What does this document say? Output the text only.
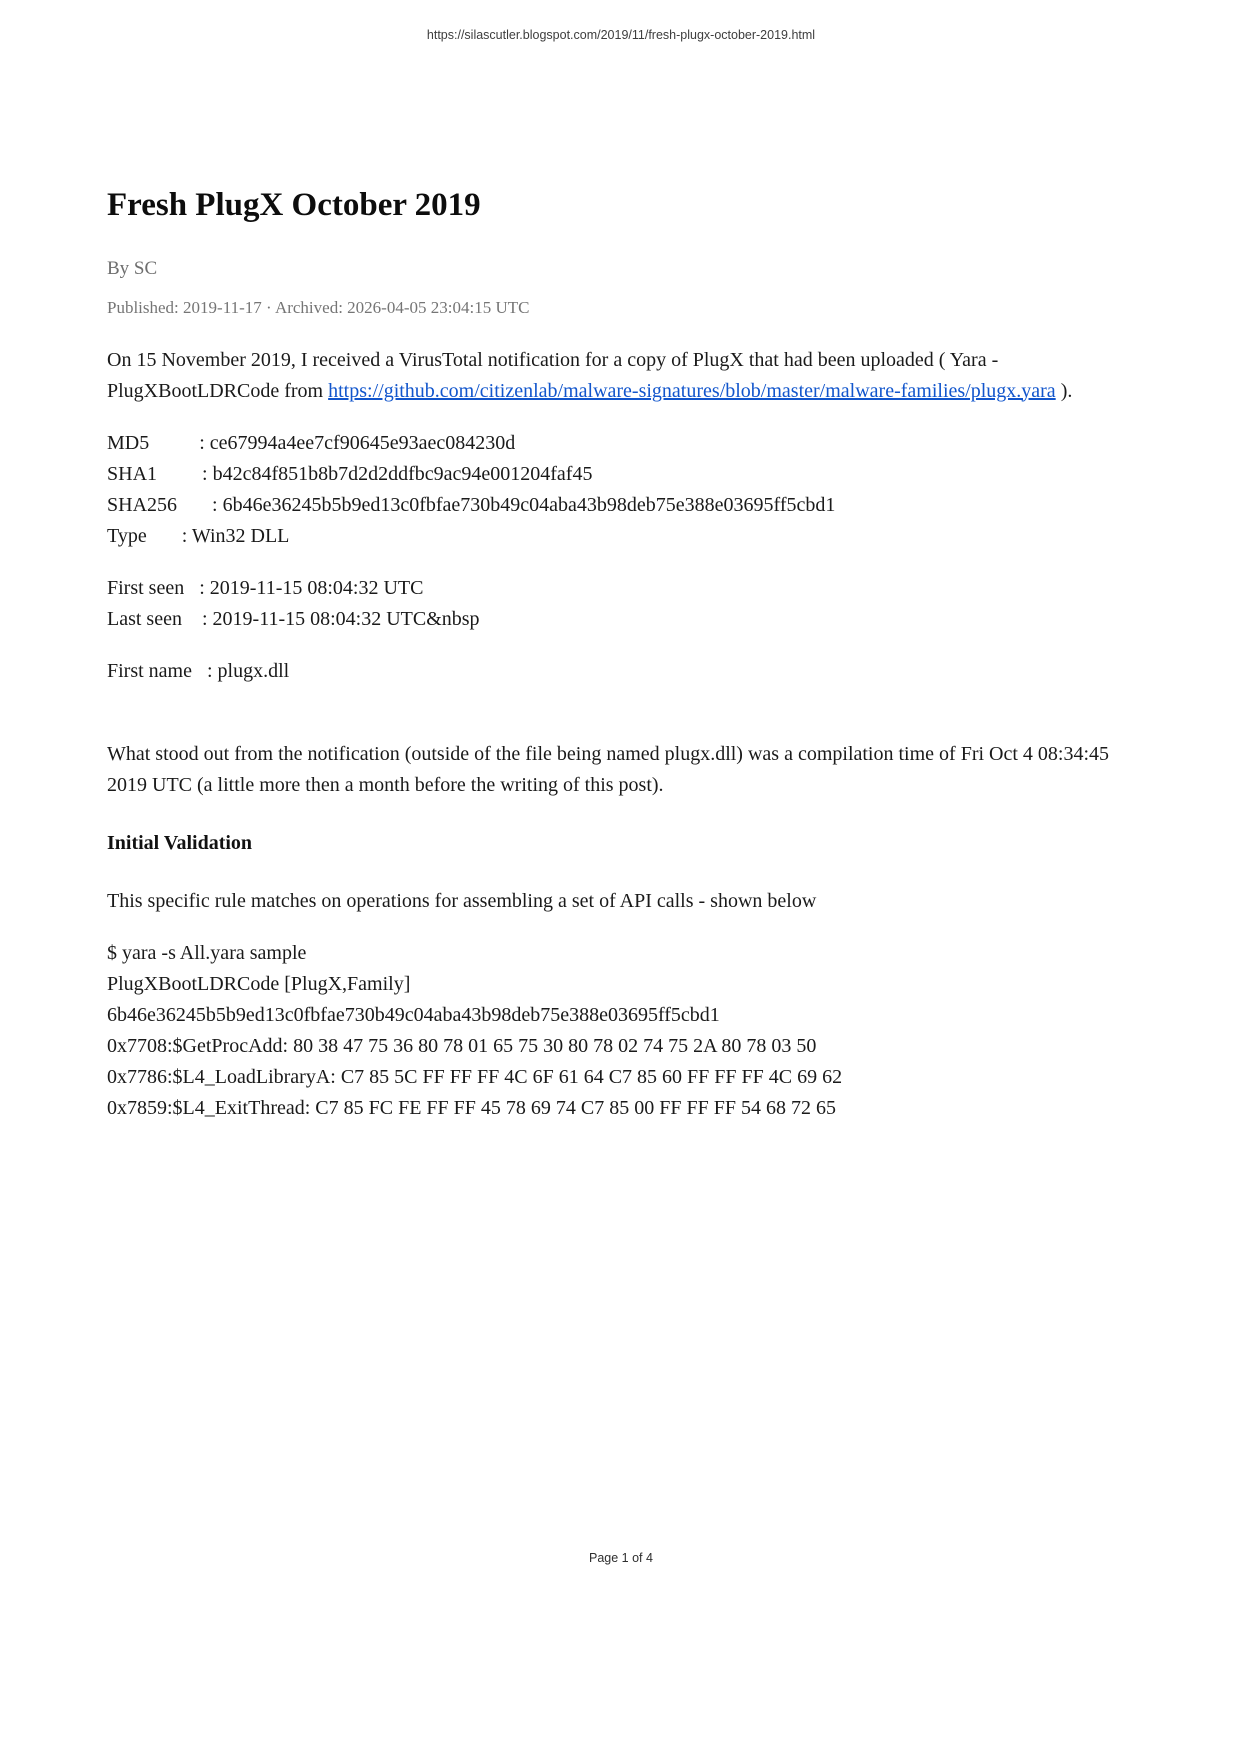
https://silascutler.blogspot.com/2019/11/fresh-plugx-october-2019.html
Fresh PlugX October 2019

By SC

Published: 2019-11-17 · Archived: 2026-04-05 23:04:15 UTC

On 15 November 2019, I received a VirusTotal notification for a copy of PlugX that had been uploaded ( Yara - PlugXBootLDRCode from https://github.com/citizenlab/malware-signatures/blob/master/malware-families/plugx.yara ).

MD5          : ce67994a4ee7cf90645e93aec084230d
SHA1         : b42c84f851b8b7d2d2ddfbc9ac94e001204faf45
SHA256       : 6b46e36245b5b9ed13c0fbfae730b49c04aba43b98deb75e388e03695ff5cbd1
Type       : Win32 DLL
First seen   : 2019-11-15 08:04:32 UTC
Last seen    : 2019-11-15 08:04:32 UTC&nbsp
First name   : plugx.dll

What stood out from the notification (outside of the file being named plugx.dll) was a compilation time of Fri Oct 4 08:34:45 2019 UTC (a little more then a month before the writing of this post).

Initial Validation

This specific rule matches on operations for assembling a set of API calls - shown below

$ yara -s All.yara sample
PlugXBootLDRCode [PlugX,Family]
6b46e36245b5b9ed13c0fbfae730b49c04aba43b98deb75e388e03695ff5cbd1
0x7708:$GetProcAdd: 80 38 47 75 36 80 78 01 65 75 30 80 78 02 74 75 2A 80 78 03 50
0x7786:$L4_LoadLibraryA: C7 85 5C FF FF FF 4C 6F 61 64 C7 85 60 FF FF FF 4C 69 62
0x7859:$L4_ExitThread: C7 85 FC FE FF FF 45 78 69 74 C7 85 00 FF FF FF 54 68 72 65
Page 1 of 4
